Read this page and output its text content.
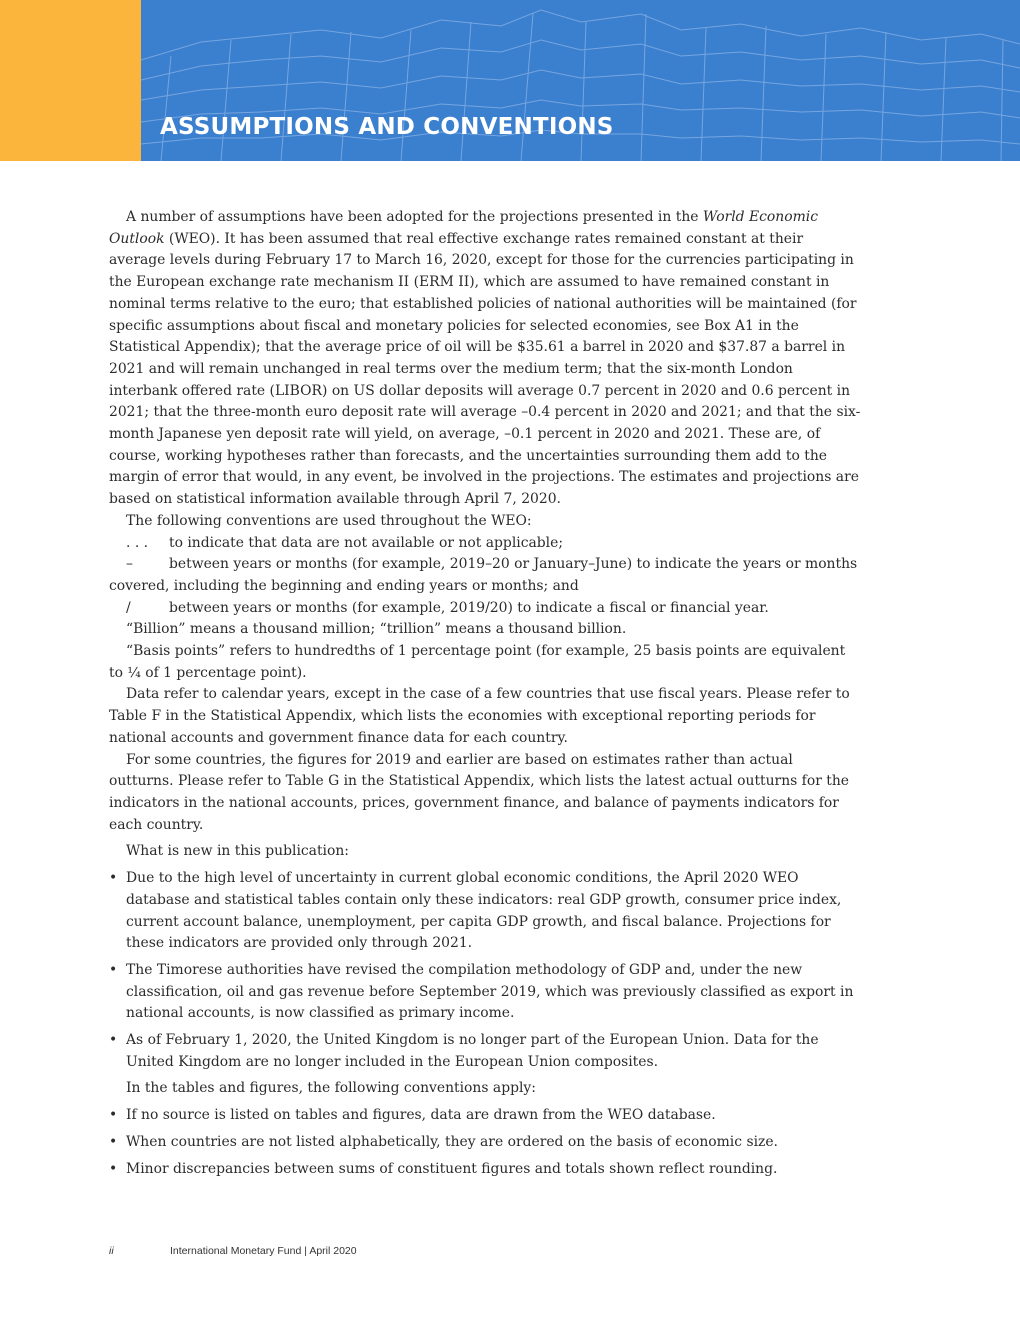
ASSUMPTIONS AND CONVENTIONS

A number of assumptions have been adopted for the projections presented in the World Economic Outlook (WEO). It has been assumed that real effective exchange rates remained constant at their average levels during February 17 to March 16, 2020, except for those for the currencies participating in the European exchange rate mechanism II (ERM II), which are assumed to have remained constant in nominal terms relative to the euro; that established policies of national authorities will be maintained (for specific assumptions about fiscal and monetary policies for selected economies, see Box A1 in the Statistical Appendix); that the average price of oil will be $35.61 a barrel in 2020 and $37.87 a barrel in 2021 and will remain unchanged in real terms over the medium term; that the six-month London interbank offered rate (LIBOR) on US dollar deposits will average 0.7 percent in 2020 and 0.6 percent in 2021; that the three-month euro deposit rate will average –0.4 percent in 2020 and 2021; and that the six-month Japanese yen deposit rate will yield, on average, –0.1 percent in 2020 and 2021. These are, of course, working hypotheses rather than forecasts, and the uncertainties surrounding them add to the margin of error that would, in any event, be involved in the projections. The estimates and projections are based on statistical information available through April 7, 2020.

The following conventions are used throughout the WEO:

. . . to indicate that data are not available or not applicable;

–	between years or months (for example, 2019–20 or January–June) to indicate the years or months covered, including the beginning and ending years or months; and

/	between years or months (for example, 2019/20) to indicate a fiscal or financial year.

“Billion” means a thousand million; “trillion” means a thousand billion.

“Basis points” refers to hundredths of 1 percentage point (for example, 25 basis points are equivalent to ¼ of 1 percentage point).

Data refer to calendar years, except in the case of a few countries that use fiscal years. Please refer to Table F in the Statistical Appendix, which lists the economies with exceptional reporting periods for national accounts and government finance data for each country.

For some countries, the figures for 2019 and earlier are based on estimates rather than actual outturns. Please refer to Table G in the Statistical Appendix, which lists the latest actual outturns for the indicators in the national accounts, prices, government finance, and balance of payments indicators for each country.

What is new in this publication:

• Due to the high level of uncertainty in current global economic conditions, the April 2020 WEO database and statistical tables contain only these indicators: real GDP growth, consumer price index, current account balance, unemployment, per capita GDP growth, and fiscal balance. Projections for these indicators are provided only through 2021.
• The Timorese authorities have revised the compilation methodology of GDP and, under the new classification, oil and gas revenue before September 2019, which was previously classified as export in national accounts, is now classified as primary income.
• As of February 1, 2020, the United Kingdom is no longer part of the European Union. Data for the United Kingdom are no longer included in the European Union composites.

In the tables and figures, the following conventions apply:

• If no source is listed on tables and figures, data are drawn from the WEO database.
• When countries are not listed alphabetically, they are ordered on the basis of economic size.
• Minor discrepancies between sums of constituent figures and totals shown reflect rounding.
ii	International Monetary Fund | April 2020
